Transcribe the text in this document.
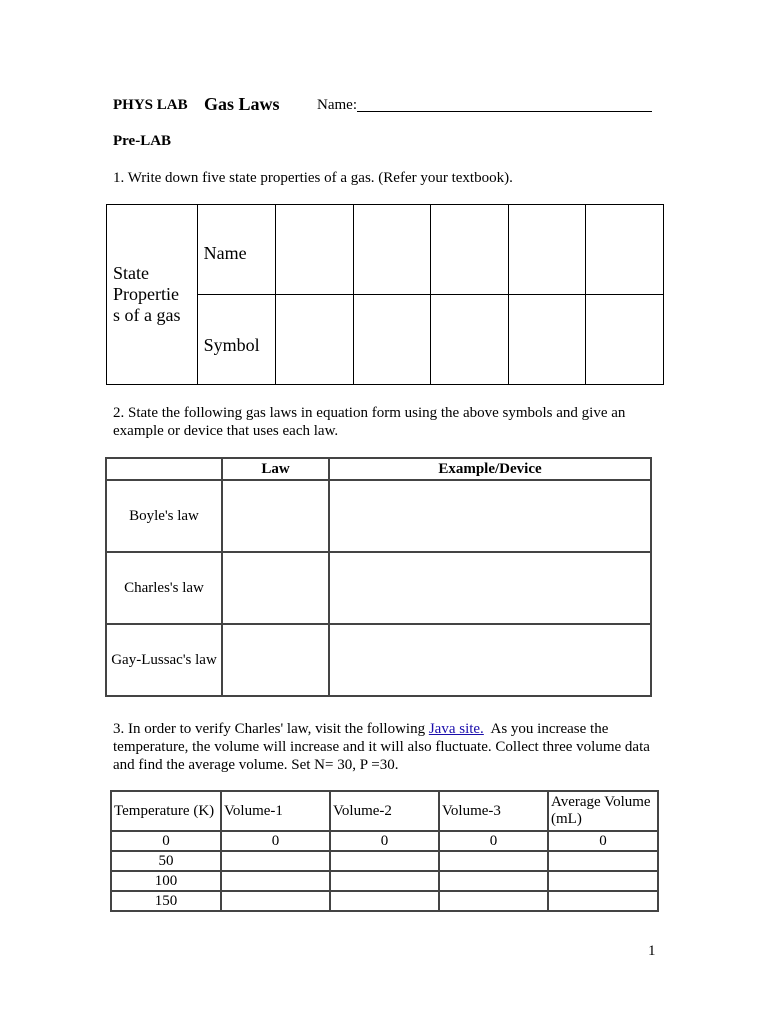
PHYS LAB Gas Laws Name:
Pre-LAB
1. Write down five state properties of a gas. (Refer your textbook).
State
Propertie
s of a gas	Name					
	Symbol					
2. State the following gas laws in equation form using the above symbols and give an
example or device that uses each law.
	Law	Example/Device
Boyle's law		
Charles's law		
Gay-Lussac's law		
3. In order to verify Charles' law, visit the following Java site.  As you increase the
temperature, the volume will increase and it will also fluctuate. Collect three volume data
and find the average volume. Set N= 30, P =30.
Temperature (K)	Volume-1	Volume-2	Volume-3	Average Volume (mL)
0	0	0	0	0
50				
100				
150				
1
